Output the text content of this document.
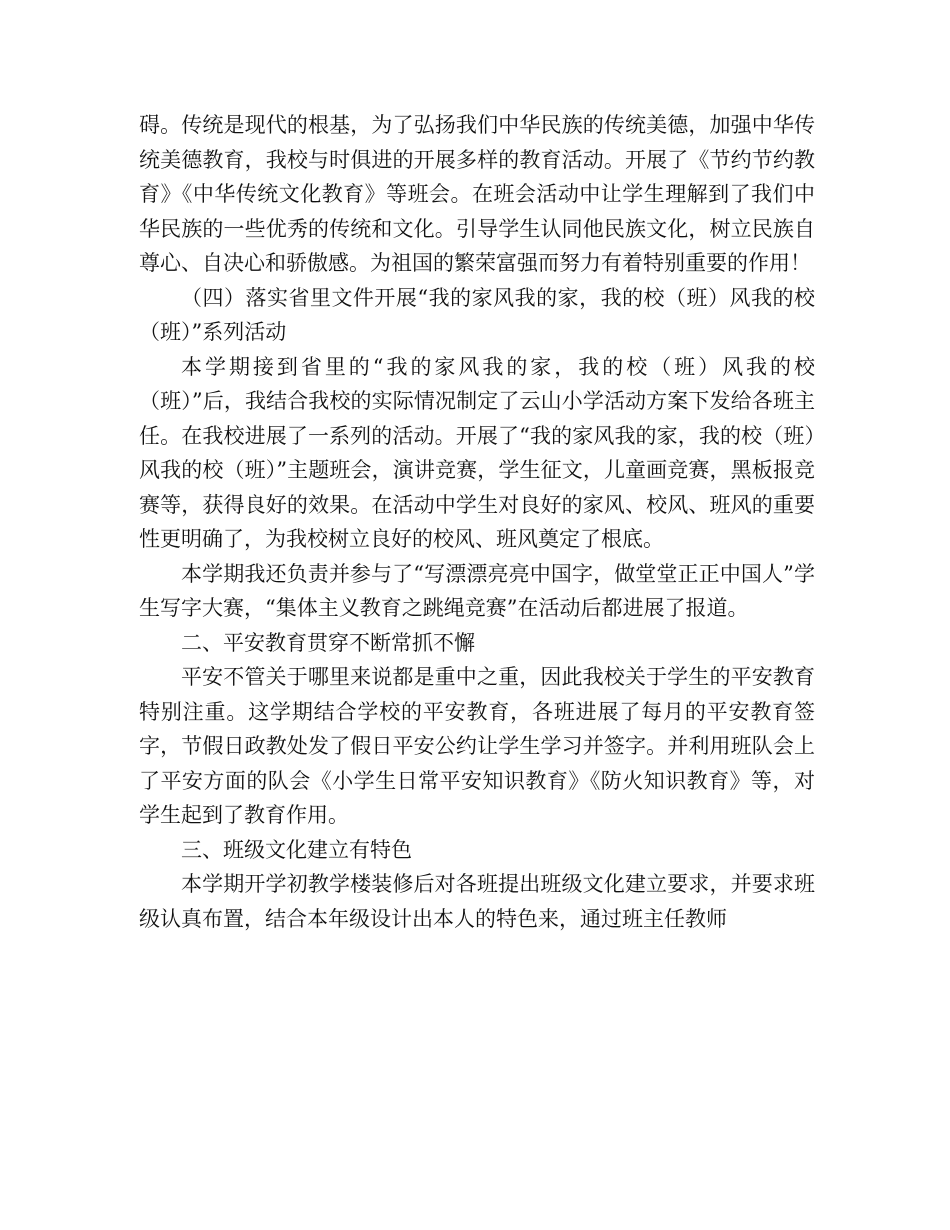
碍。传统是现代的根基，为了弘扬我们中华民族的传统美德，加强中华传统美德教育，我校与时俱进的开展多样的教育活动。开展了《节约节约教育》《中华传统文化教育》等班会。在班会活动中让学生理解到了我们中华民族的一些优秀的传统和文化。引导学生认同他民族文化，树立民族自尊心、自决心和骄傲感。为祖国的繁荣富强而努力有着特别重要的作用！

（四）落实省里文件开展“我的家风我的家，我的校（班）风我的校（班）”系列活动

本学期接到省里的“我的家风我的家，我的校（班）风我的校（班）”后，我结合我校的实际情况制定了云山小学活动方案下发给各班主任。在我校进展了一系列的活动。开展了“我的家风我的家，我的校（班）风我的校（班）”主题班会，演讲竞赛，学生征文，儿童画竞赛，黑板报竞赛等，获得良好的效果。在活动中学生对良好的家风、校风、班风的重要性更明确了，为我校树立良好的校风、班风奠定了根底。

本学期我还负责并参与了“写漂漂亮亮中国字，做堂堂正正中国人”学生写字大赛，“集体主义教育之跳绳竞赛”在活动后都进展了报道。

二、平安教育贯穿不断常抓不懈

平安不管关于哪里来说都是重中之重，因此我校关于学生的平安教育特别注重。这学期结合学校的平安教育，各班进展了每月的平安教育签字，节假日政教处发了假日平安公约让学生学习并签字。并利用班队会上了平安方面的队会《小学生日常平安知识教育》《防火知识教育》等，对学生起到了教育作用。

三、班级文化建立有特色

本学期开学初教学楼装修后对各班提出班级文化建立要求，并要求班级认真布置，结合本年级设计出本人的特色来，通过班主任教师
